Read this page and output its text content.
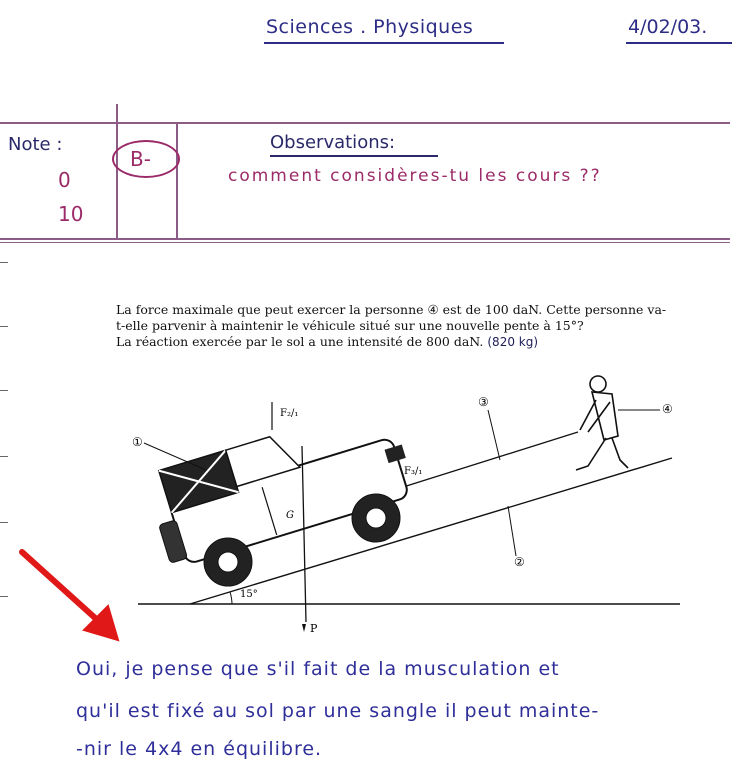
Sciences . Physiques	4/02/03.
Note :
B-
0
10
Observations:
comment considères-tu les cours ??
La force maximale que peut exercer la personne ④ est de 100 daN. Cette personne va-
t-elle parvenir à maintenir le véhicule situé sur une nouvelle pente à 15°?
La réaction exercée par le sol a une intensité de 800 daN. (820 kg)
15°
P
F₂/₁
G
F₃/₁
①
③
②
④
Oui, je pense que s'il fait de la musculation et
qu'il est fixé au sol par une sangle il peut mainte-
-nir le 4x4 en équilibre.
